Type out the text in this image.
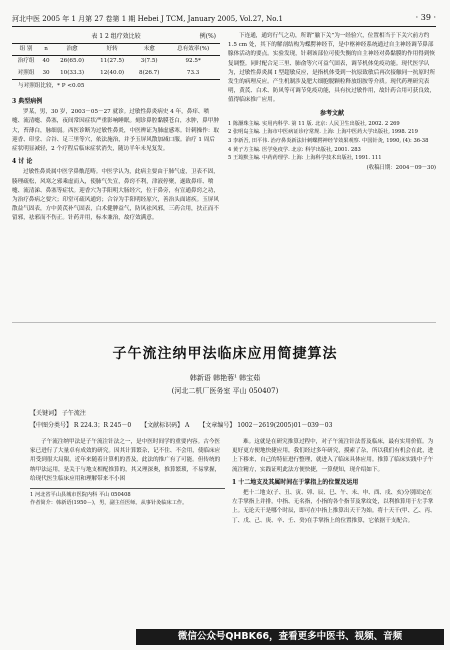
河北中医 2005 年 1 月第 27 卷第 1 期 Hebei J TCM, January 2005, Vol.27, No.1	· 39 ·
表 1 2 组疗效比较	例(%)
组 别	n	治愈	好转	未愈	总有效率(%)
治疗组	40	26(65.0)	11(27.5)	3(7.5)	92.5*
对照组	30	10(33.3)	12(40.0)	8(26.7)	73.3
与对照组比较，* P <0.05
3 典型病例

罗某，男，30 岁，2003－05－27 就诊。过敏性鼻炎病史 4 年，鼻痒、喷嚏、流清嚏、鼻塞，夜间常因症状严重影响睡眠。刻诊鼻腔黏膜苍白，水肿，鼻甲肿大，苔薄白，脉细弱。西医诊断为过敏性鼻炎，中医辨证为肺虚感寒。针刺操作：取迎香、印堂、合谷、足三里等穴，依法施治，并予玉屏风散加减口服。治疗 1 周后症状明显减轻，2 个疗程后临床症状消失，随访半年未见复发。

4 讨 论

过敏性鼻炎属中医学鼻鼽范畴。中医学认为，此病主要由于肺气虚，卫表不固，腠理疏松，风寒之邪乘虚而入，使肺气失宣，鼻窍不利，津液停聚，遂致鼻痒、喷嚏、流清涕、鼻塞等症状。迎香穴为手阳明大肠经穴，位于鼻旁，有宣通鼻窍之功，为治疗鼻病之要穴；印堂可疏风通窍；合谷为手阳明经原穴，善治头面诸疾。玉屏风散益气固表，方中黄芪补气固表，白术健脾益气，防风祛风邪，三药合用，扶正而不留邪，祛邪而不伤正。针药并用，标本兼治，故疗效满意。

下连通，通窍行气之功，所谓“腧下关”为一经验穴，位置相当于下关穴前方约 1.5 cm 处，其下的解剖结构为蝶腭神经节，是中枢神经系统通过自主神经调节鼻部腺体活动的要点。实验发现，针刺该部位可使失衡的自主神经对鼻黏膜的作用得到恢复调整。同时配合足三里、肺俞等穴可益气固表，调节机体免疫功能。现代医学认为，过敏性鼻炎属 I 型超敏反应，是指机体受到一抗原致敏后再次接触同一抗原时所发生的病理反应。产生机制涉及肥大细胞脱颗粒释放组胺等介质。现代药理研究表明，黄芪、白术、防风等可调节免疫功能，具有抗过敏作用，故针药合用可获良效，值得临床推广应用。

参考文献
1 陈灏珠主编. 实用内科学. 第 11 版. 北京: 人民卫生出版社, 2002. 2 269
2 张明岛主编. 上海市中医病证诊疗常规. 上海: 上海中医药大学出版社, 1998. 219
3 李新吾, 田平伟. 治疗鼻炎新法针刺蝶腭神经节效果观察. 中国针灸, 1990, (4): 36-38
4 黄子方主编. 医学免疫学. 北京: 科学出版社, 2001. 283
5 王筠默主编. 中药药理学. 上海: 上海科学技术出版社, 1991. 111
(收稿日期：2004－09－30)
子午流注纳甲法临床应用简捷算法
韩新语 韩艳蓉¹ 韩宝茹
(河北二机厂医务室 平山 050407)
【关键词】 子午流注
【中图分类号】 R 224.3；R 245－0 【文献标识码】 A 【文章编号】 1002－2619(2005)01－039－03

子午流注纳甲法是子午流注针法之一，是中医时间学的重要内容。古今医家已进行了大量卓有成效的研究。因其计算繁杂，记不住、不会用，使临床应用受到很大局限，近年来随着计算机的普及，此法的推广有了可能。但传统的纳甲法运用，是关于与地支相配推算的，其又理深奥，推算繁琐，不易掌握，给现代医生临床应用和理解带来不小困

1 河北省平山县城市医院内科 平山 050408
作者简介：韩新语(1950－)，男，副主任医师。从事针灸临床工作。

难。这就是在研究推算过程中，对子午流注针法普及临床，最有实用价值。为更好更方便地快捷应用，我们经过多年研究，摸索了杂，所以我们有机会在此，进上下移来，自己的特征进行整理，就进入了临床具体应用。推算了临床实践中子午流注精方，实践证明此法方便快捷，一算便知，现介绍如下。

1 十二地支及其属时间在于掌指上的位置及运用

把十二地支(子、丑、寅、卯、辰、巳、午、未、申、酉、戌、亥)分别固定在左手掌指上并排，中指、无名指，小指的各个指节及掌纹处，以利推算用于左手掌上。无论天干是哪个时辰，即可在中指上推算出天干为始。将十天干(甲、乙、丙、丁、戊、己、庚、辛、壬、癸)在手掌指上的位置推算，它依据干支配合。

微信公众号QHBK66，查看更多中医书、视频、音频
